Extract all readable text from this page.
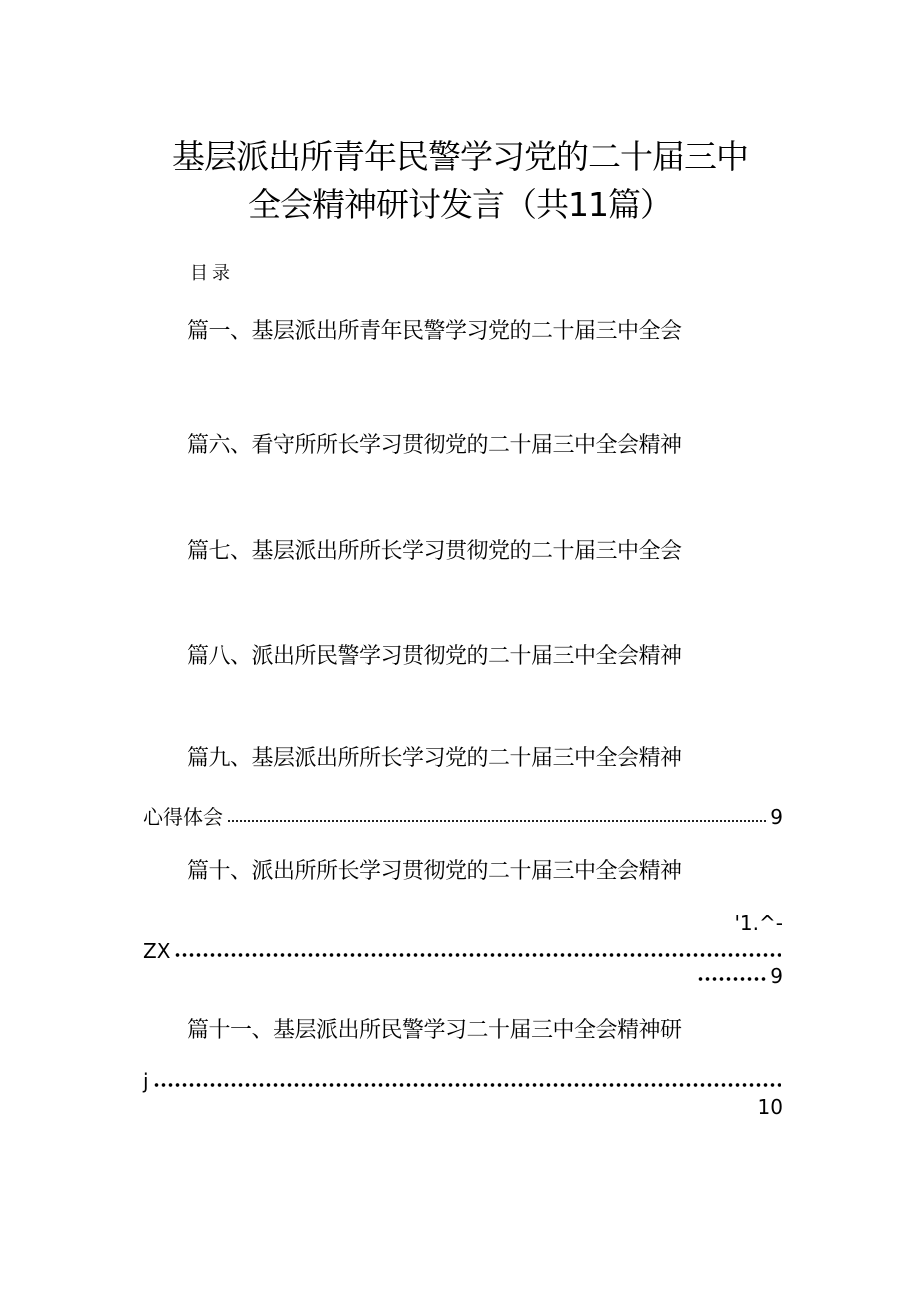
基层派出所青年民警学习党的二十届三中
全会精神研讨发言（共11篇）
目录
篇一、基层派出所青年民警学习党的二十届三中全会
篇六、看守所所长学习贯彻党的二十届三中全会精神
篇七、基层派出所所长学习贯彻党的二十届三中全会
篇八、派出所民警学习贯彻党的二十届三中全会精神
篇九、基层派出所所长学习党的二十届三中全会精神
心得体会	9
篇十、派出所所长学习贯彻党的二十届三中全会精神
'1.^-
ZX
9
篇十一、基层派出所民警学习二十届三中全会精神研
j
10
